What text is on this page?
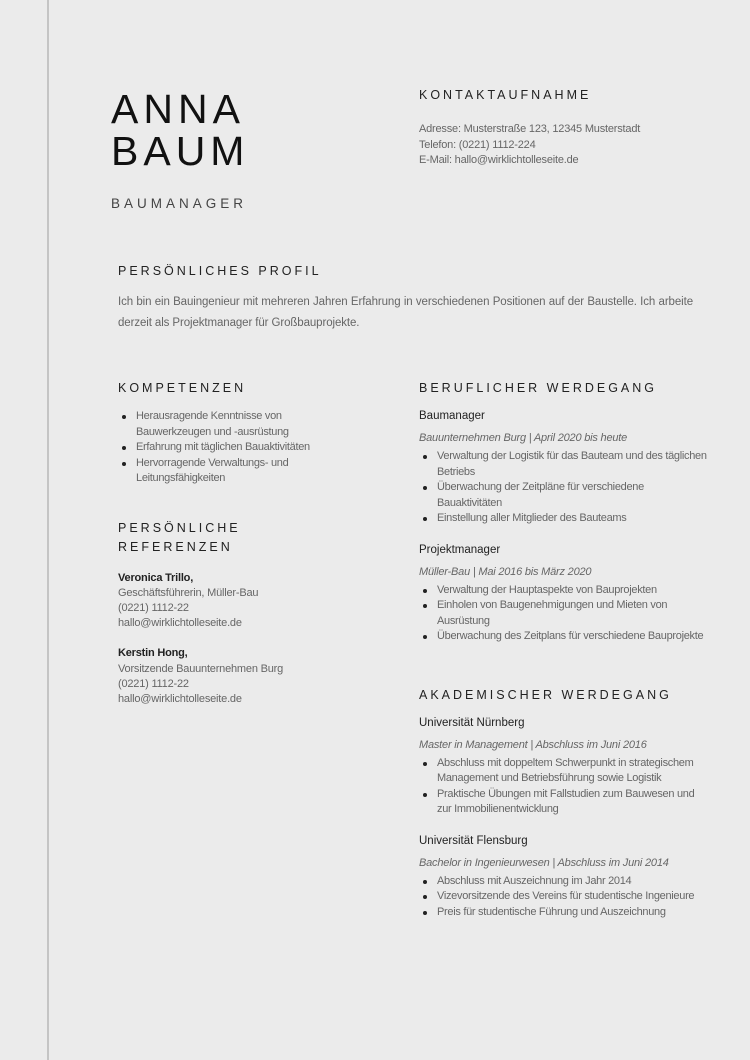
ANNA
BAUM
BAUMANAGER
KONTAKTAUFNAHME
Adresse: Musterstraße 123, 12345 Musterstadt
Telefon: (0221) 1112-224
E-Mail: hallo@wirklichtolleseite.de
PERSÖNLICHES PROFIL

Ich bin ein Bauingenieur mit mehreren Jahren Erfahrung in verschiedenen Positionen auf der Baustelle. Ich arbeite derzeit als Projektmanager für Großbauprojekte.

KOMPETENZEN
Herausragende Kenntnisse von Bauwerkzeugen und -ausrüstung
Erfahrung mit täglichen Bauaktivitäten
Hervorragende Verwaltungs- und Leitungsfähigkeiten
PERSÖNLICHE
REFERENZEN
Veronica Trillo,
Geschäftsführerin, Müller-Bau
(0221) 1112-22
hallo@wirklichtolleseite.de
Kerstin Hong,
Vorsitzende Bauunternehmen Burg
(0221) 1112-22
hallo@wirklichtolleseite.de
BERUFLICHER WERDEGANG
Baumanager
Bauunternehmen Burg | April 2020 bis heute
Verwaltung der Logistik für das Bauteam und des täglichen Betriebs
Überwachung der Zeitpläne für verschiedene Bauaktivitäten
Einstellung aller Mitglieder des Bauteams
Projektmanager
Müller-Bau | Mai 2016 bis März 2020
Verwaltung der Hauptaspekte von Bauprojekten
Einholen von Baugenehmigungen und Mieten von Ausrüstung
Überwachung des Zeitplans für verschiedene Bauprojekte
AKADEMISCHER WERDEGANG
Universität Nürnberg
Master in Management | Abschluss im Juni 2016
Abschluss mit doppeltem Schwerpunkt in strategischem Management und Betriebsführung sowie Logistik
Praktische Übungen mit Fallstudien zum Bauwesen und zur Immobilienentwicklung
Universität Flensburg
Bachelor in Ingenieurwesen | Abschluss im Juni 2014
Abschluss mit Auszeichnung im Jahr 2014
Vizevorsitzende des Vereins für studentische Ingenieure
Preis für studentische Führung und Auszeichnung
